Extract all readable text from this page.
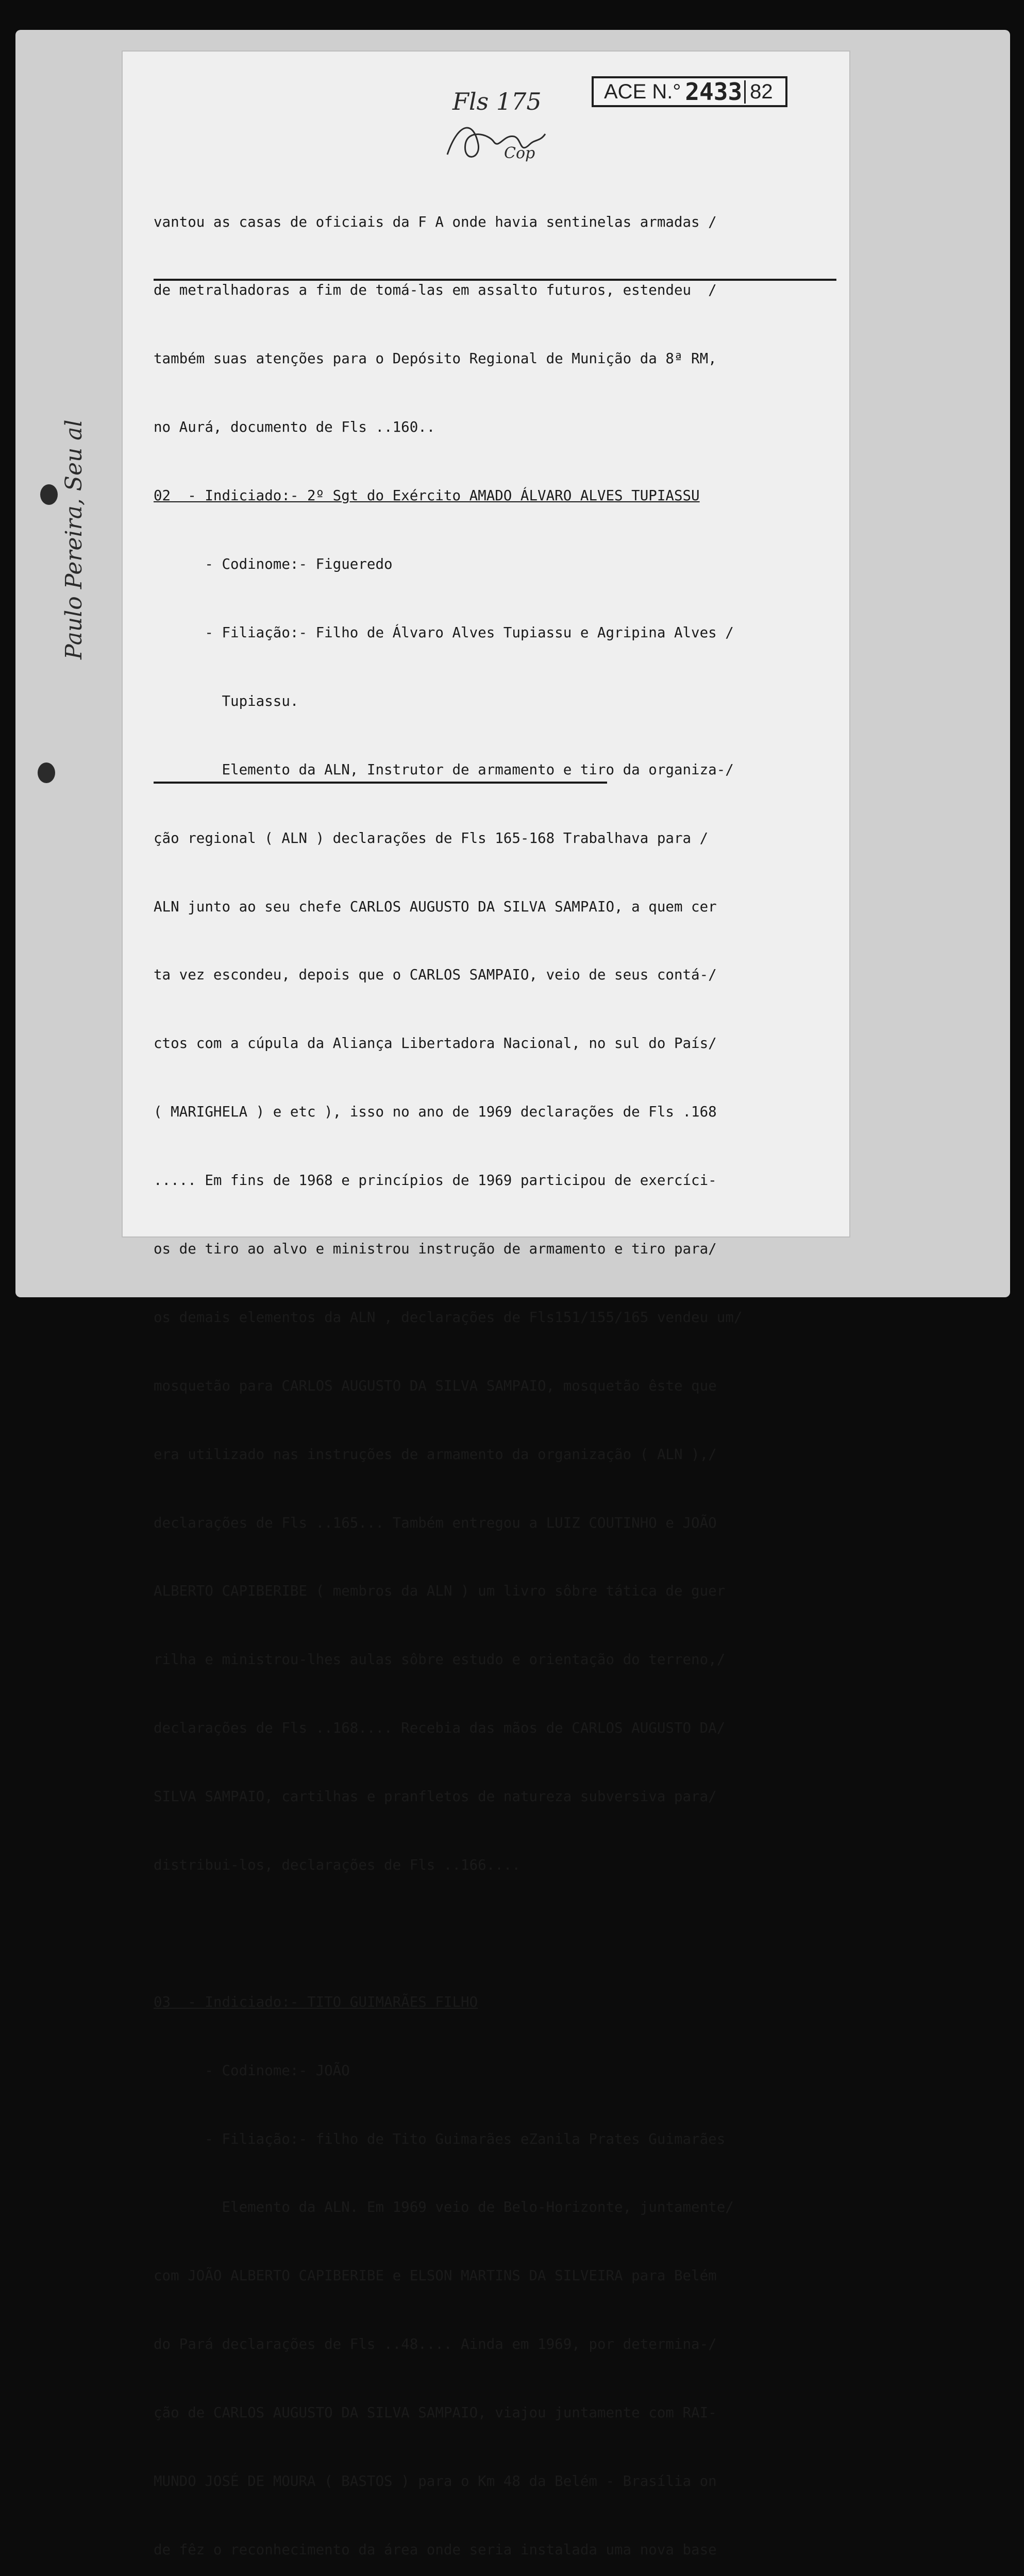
Fls 175	ACE N.° 2433 82
Cop

vantou as casas de oficiais da F A onde havia sentinelas armadas /

de metralhadoras a fim de tomá-las em assalto futuros, estendeu  /

também suas atenções para o Depósito Regional de Munição da 8ª RM,

no Aurá, documento de Fls ..160..

02  - Indiciado:- 2º Sgt do Exército AMADO ÁLVARO ALVES TUPIASSU

- Codinome:- Figueredo

- Filiação:- Filho de Álvaro Alves Tupiassu e Agripina Alves /

Tupiassu.

Elemento da ALN, Instrutor de armamento e tiro da organiza-/

ção regional ( ALN ) declarações de Fls 165-168 Trabalhava para /

ALN junto ao seu chefe CARLOS AUGUSTO DA SILVA SAMPAIO, a quem cer

ta vez escondeu, depois que o CARLOS SAMPAIO, veio de seus contá-/

ctos com a cúpula da Aliança Libertadora Nacional, no sul do País/

( MARIGHELA ) e etc ), isso no ano de 1969 declarações de Fls .168

..... Em fins de 1968 e princípios de 1969 participou de exercíci-

os de tiro ao alvo e ministrou instrução de armamento e tiro para/

os demais elementos da ALN , declarações de Fls151/155/165 vendeu um/

mosquetão para CARLOS AUGUSTO DA SILVA SAMPAIO, mosquetão êste que

era utilizado nas instruções de armamento da organização ( ALN ),/

declarações de Fls ..165... Também entregou a LUIZ COUTINHO e JOÃO

ALBERTO CAPIBERIBE ( membros da ALN ) um livro sôbre tática de guer

rilha e ministrou-lhes aulas sôbre estudo e orientação do terreno,/

declarações de Fls ..168.... Recebia das mãos de CARLOS AUGUSTO DA/

SILVA SAMPAIO, cartilhas e pranfletos de natureza subversiva para/

distribui-los, declarações de Fls ..166....

03  - Indiciado:- TITO GUIMARÃES FILHO

- Codinome:- JOÃO

- Filiação:- filho de Tito Guimarães eZanila Prates Guimarães

Elemento da ALN. Em 1969 veio de Belo-Horizonte, juntamente/

com JOÃO ALBERTO CAPIBERIBE e ELSON MARTINS DA SILVEIRA para Belém

do Pará declarações de Fls ..48.... Ainda em 1969, por determina-/

ção de CARLOS AUGUSTO DA SILVA SAMPAIO, viajou juntamente com RAI-

MUNDO JOSÉ DE MOURA ( BASTOS ) para o Km 48 da Belém - Brasília on

de fêz o reconhecimento da área onde seria instalada uma nova base

Paulo Pereira, Seu al
